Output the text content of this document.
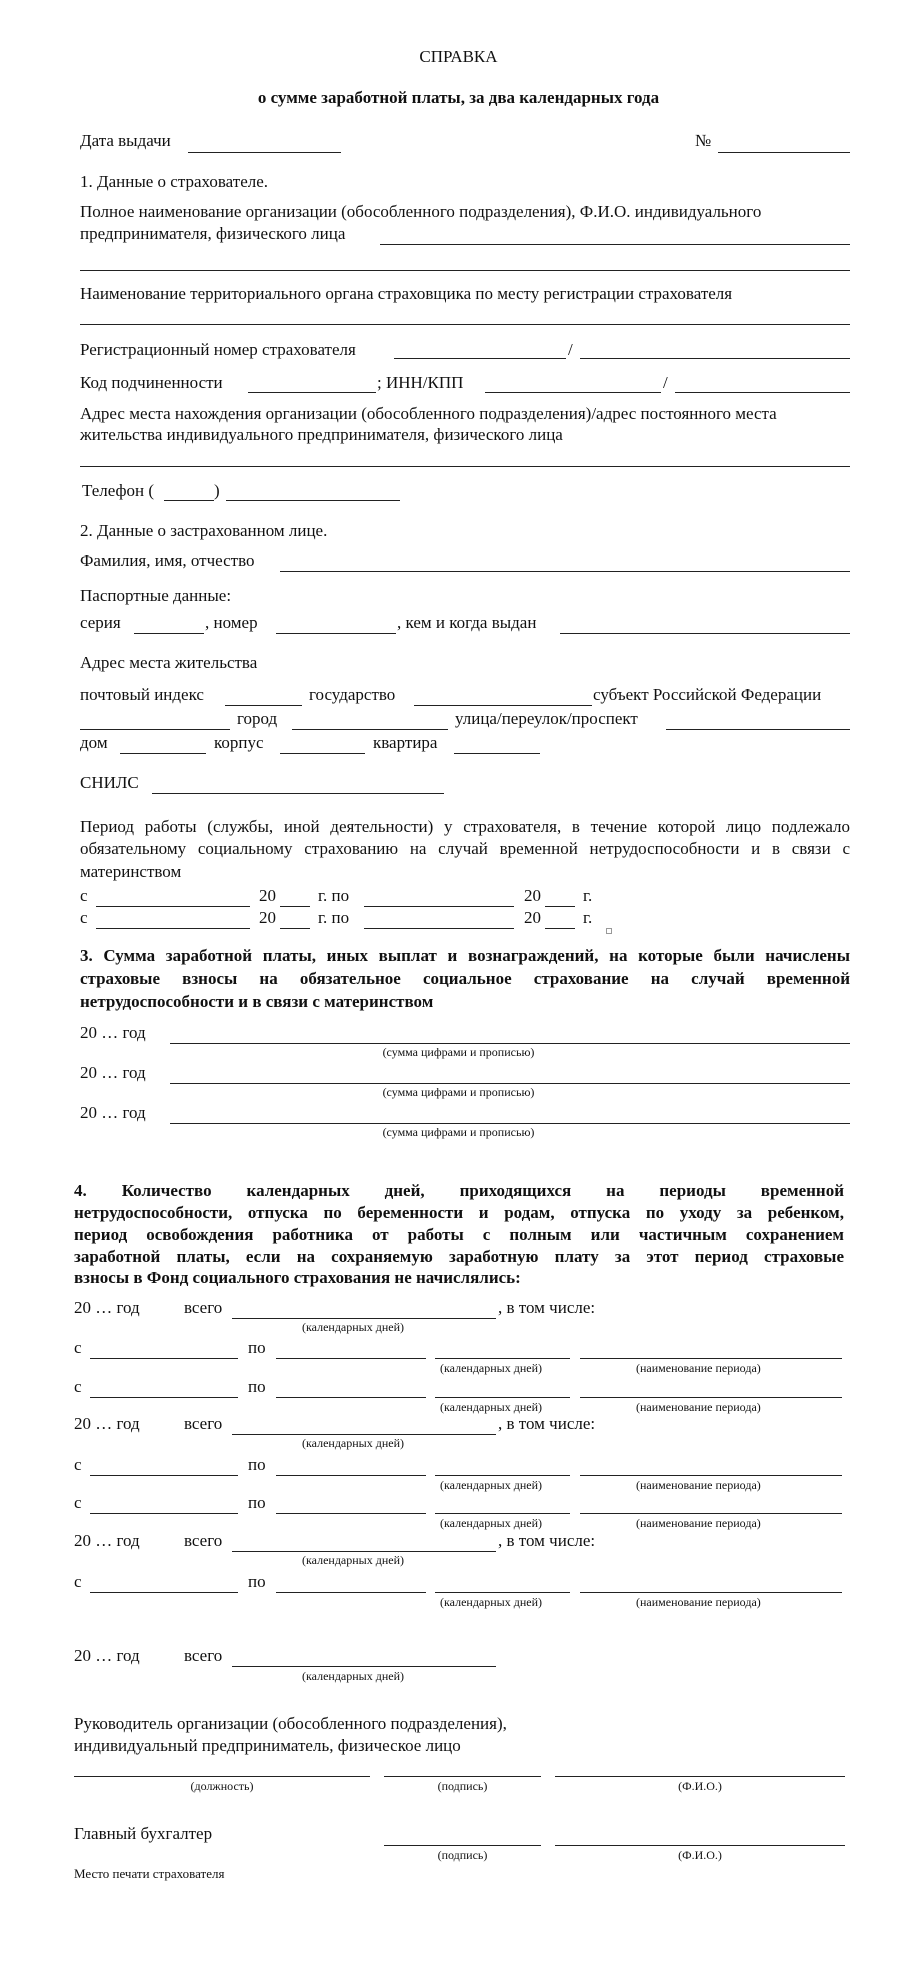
СПРАВКА
о сумме заработной платы, за два календарных года
Дата выдачи	№
1. Данные о страхователе.
Полное наименование организации (обособленного подразделения), Ф.И.О. индивидуального
предпринимателя, физического лица
Наименование территориального органа страховщика по месту регистрации страхователя
Регистрационный номер страхователя	/
Код подчиненности	; ИНН/КПП	/
Адрес места нахождения организации (обособленного подразделения)/адрес постоянного места
жительства индивидуального предпринимателя, физического лица
Телефон (	)
2. Данные о застрахованном лице.
Фамилия, имя, отчество
Паспортные данные:
серия	, номер	, кем и когда выдан
Адрес места жительства
почтовый индекс	государство	субъект Российской Федерации
город	улица/переулок/проспект
дом	корпус	квартира
СНИЛС
Период работы (службы, иной деятельности) у страхователя, в течение которой лицо подлежало
обязательному социальному страхованию на случай временной нетрудоспособности и в связи с
материнством
с	20 г. по	20 г.
с	20 г. по	20 г.
3. Сумма заработной платы, иных выплат и вознаграждений, на которые были начислены
страховые взносы на обязательное социальное страхование на случай временной
нетрудоспособности и в связи с материнством
20 … год
(сумма цифрами и прописью)
20 … год
(сумма цифрами и прописью)
20 … год
(сумма цифрами и прописью)
4. Количество календарных дней, приходящихся на периоды временной
нетрудоспособности, отпуска по беременности и родам, отпуска по уходу за ребенком,
период освобождения работника от работы с полным или частичным сохранением
заработной платы, если на сохраняемую заработную плату за этот период страховые
взносы в Фонд социального страхования не начислялись:
20 … год	всего	, в том числе:
(календарных дней)
с	по
(календарных дней)	(наименование периода)
с	по
(календарных дней)	(наименование периода)
20 … год	всего	, в том числе:
(календарных дней)
с	по
(календарных дней)	(наименование периода)
с	по
(календарных дней)	(наименование периода)
20 … год	всего	, в том числе:
(календарных дней)
с	по
(календарных дней)	(наименование периода)
20 … год	всего
(календарных дней)
Руководитель организации (обособленного подразделения),
индивидуальный предприниматель, физическое лицо
(должность)	(подпись)	(Ф.И.О.)
Главный бухгалтер
(подпись)	(Ф.И.О.)
Место печати страхователя
